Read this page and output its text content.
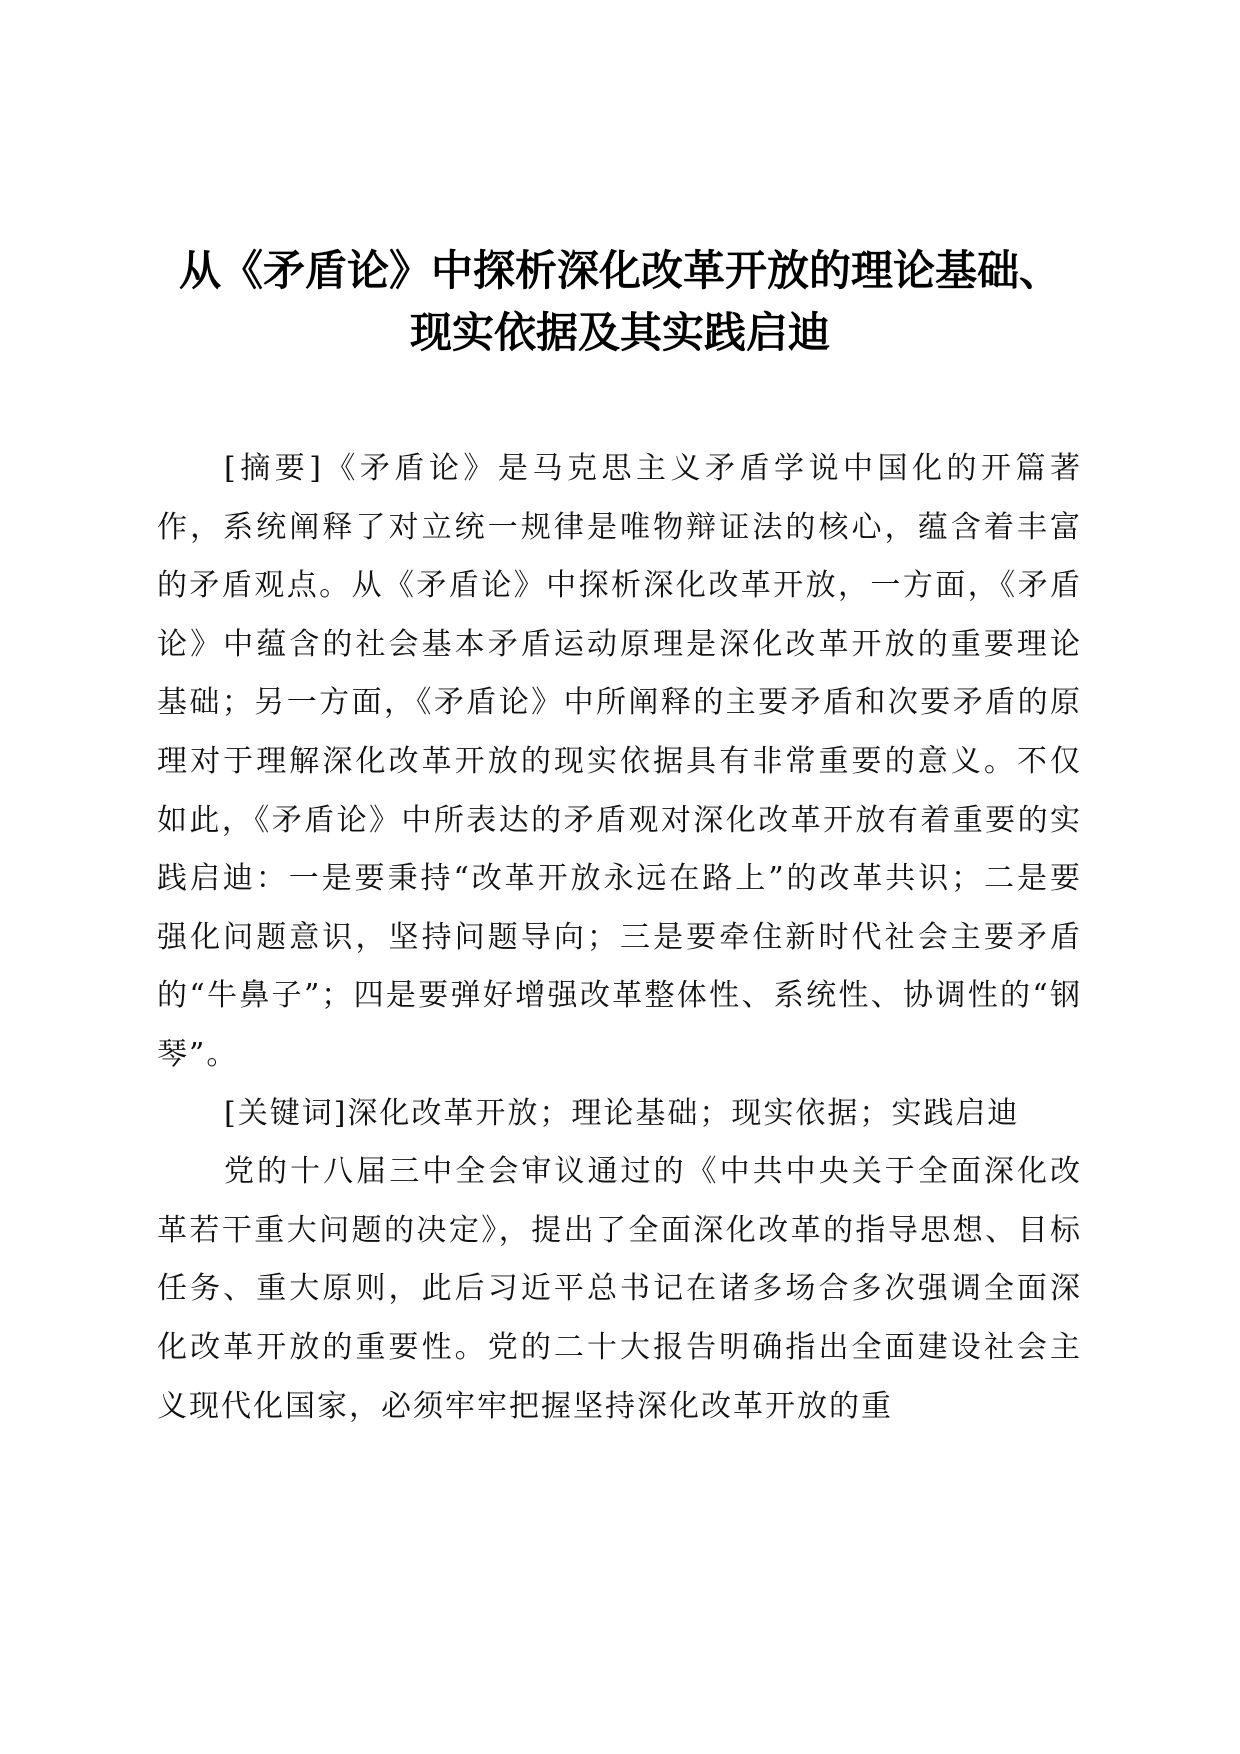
从《矛盾论》中探析深化改革开放的理论基础、
现实依据及其实践启迪

[摘要]《矛盾论》是马克思主义矛盾学说中国化的开篇著作，系统阐释了对立统一规律是唯物辩证法的核心，蕴含着丰富的矛盾观点。从《矛盾论》中探析深化改革开放，一方面，《矛盾论》中蕴含的社会基本矛盾运动原理是深化改革开放的重要理论基础；另一方面，《矛盾论》中所阐释的主要矛盾和次要矛盾的原理对于理解深化改革开放的现实依据具有非常重要的意义。不仅如此，《矛盾论》中所表达的矛盾观对深化改革开放有着重要的实践启迪：一是要秉持“改革开放永远在路上”的改革共识；二是要强化问题意识，坚持问题导向；三是要牵住新时代社会主要矛盾的“牛鼻子”；四是要弹好增强改革整体性、系统性、协调性的“钢琴”。

[关键词]深化改革开放；理论基础；现实依据；实践启迪

党的十八届三中全会审议通过的《中共中央关于全面深化改革若干重大问题的决定》，提出了全面深化改革的指导思想、目标任务、重大原则，此后习近平总书记在诸多场合多次强调全面深化改革开放的重要性。党的二十大报告明确指出全面建设社会主义现代化国家，必须牢牢把握坚持深化改革开放的重
